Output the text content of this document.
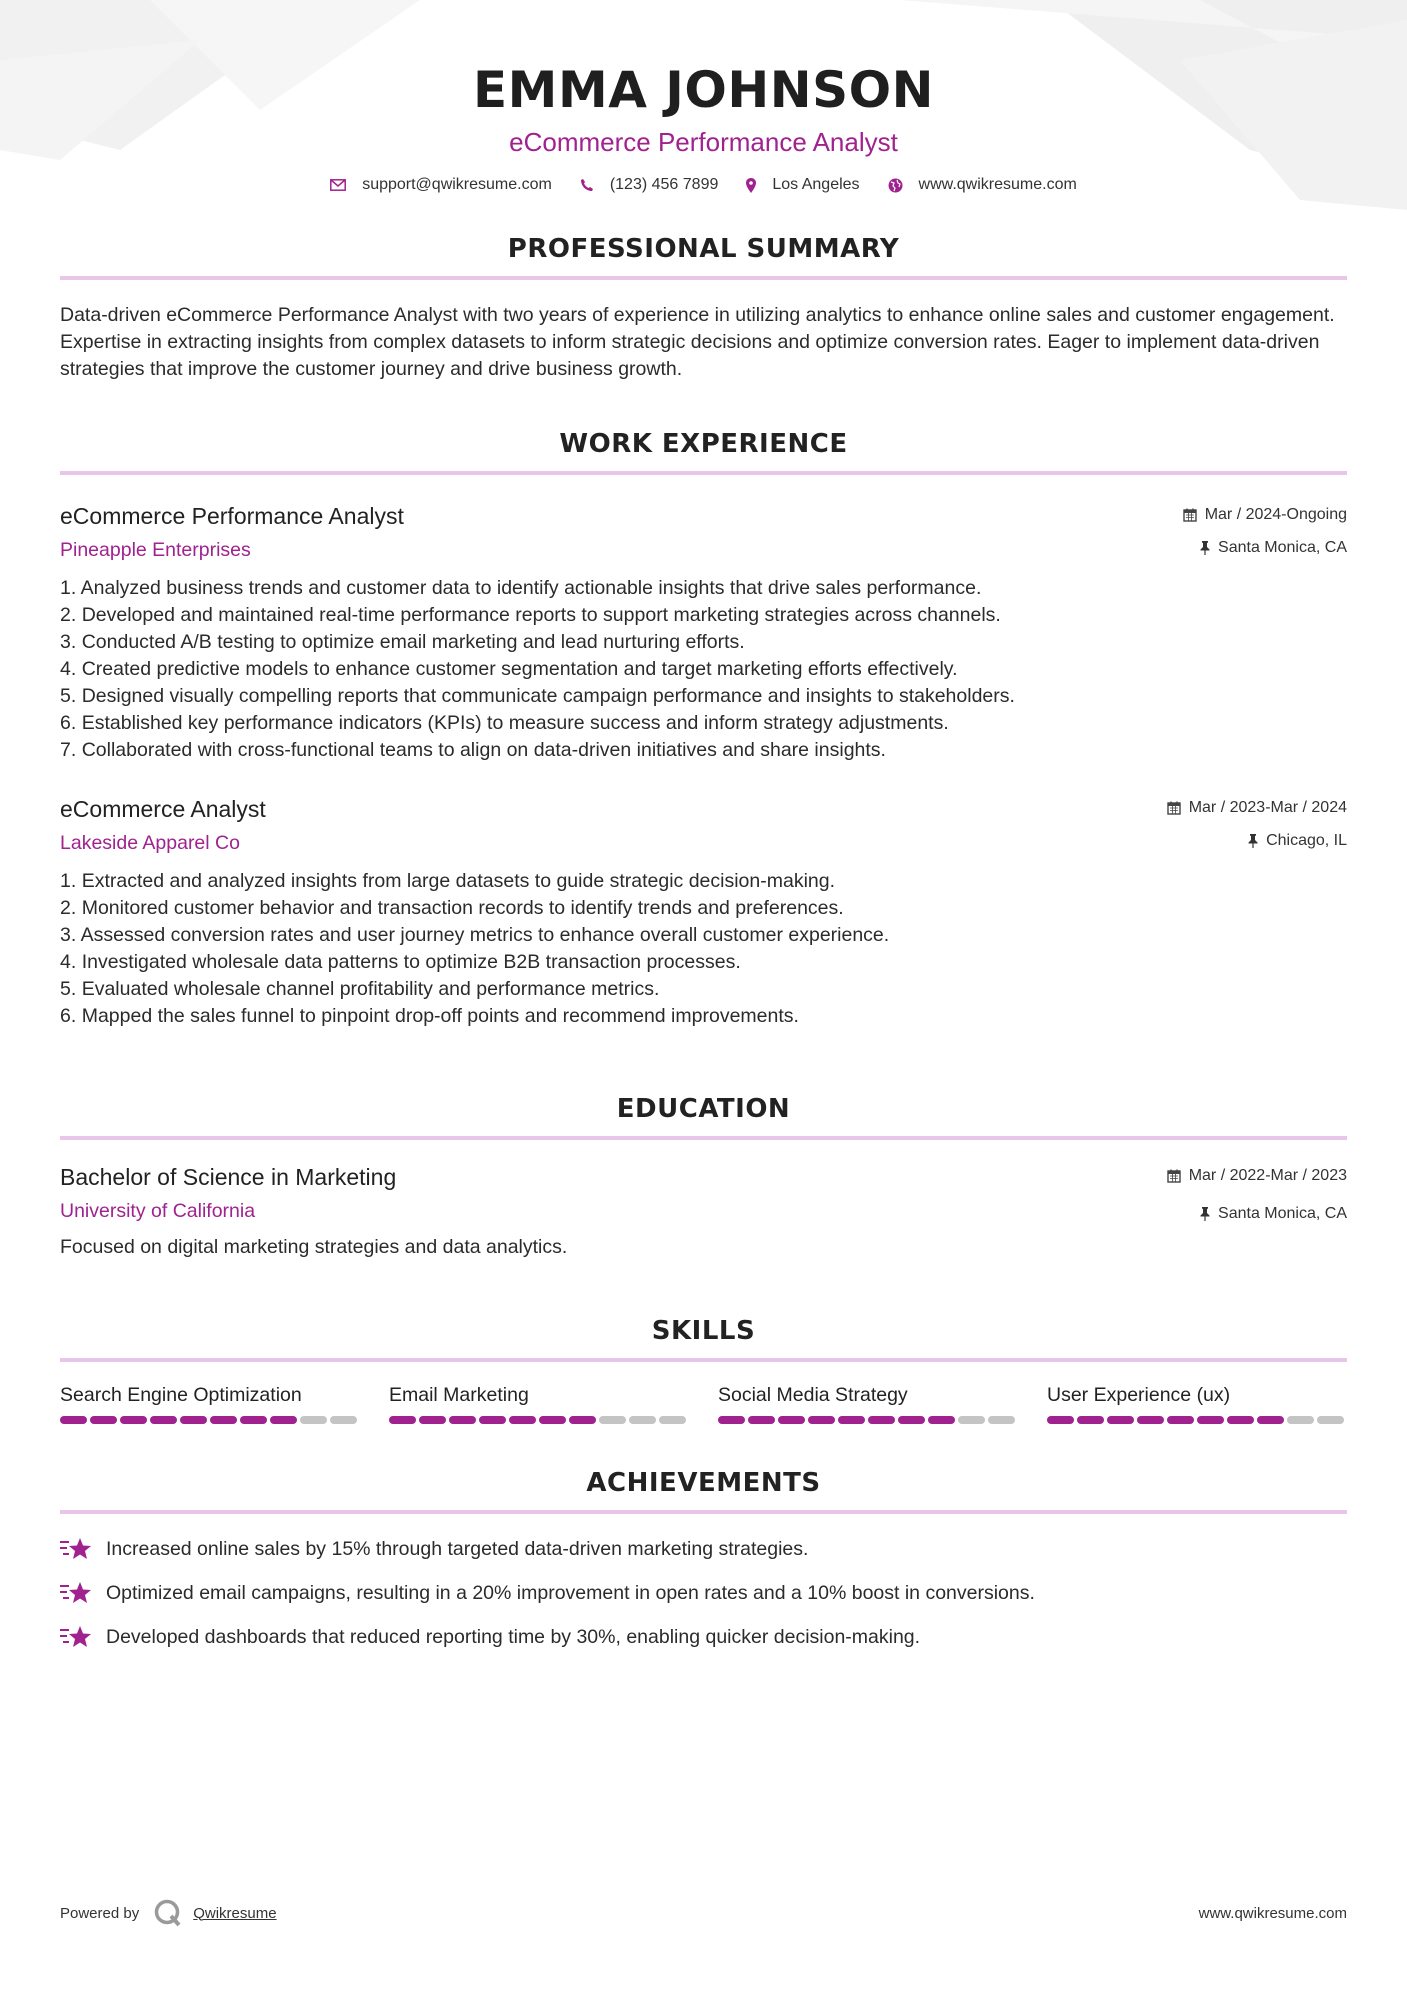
EMMA JOHNSON
eCommerce Performance Analyst
support@qwikresume.com	(123) 456 7899	Los Angeles	www.qwikresume.com
PROFESSIONAL SUMMARY

Data-driven eCommerce Performance Analyst with two years of experience in utilizing analytics to enhance online sales and customer engagement. Expertise in extracting insights from complex datasets to inform strategic decisions and optimize conversion rates. Eager to implement data-driven strategies that improve the customer journey and drive business growth.

WORK EXPERIENCE
eCommerce Performance Analyst
Pineapple Enterprises
Mar / 2024-Ongoing
Santa Monica, CA
Analyzed business trends and customer data to identify actionable insights that drive sales performance.
Developed and maintained real-time performance reports to support marketing strategies across channels.
Conducted A/B testing to optimize email marketing and lead nurturing efforts.
Created predictive models to enhance customer segmentation and target marketing efforts effectively.
Designed visually compelling reports that communicate campaign performance and insights to stakeholders.
Established key performance indicators (KPIs) to measure success and inform strategy adjustments.
Collaborated with cross-functional teams to align on data-driven initiatives and share insights.
eCommerce Analyst
Lakeside Apparel Co
Mar / 2023-Mar / 2024
Chicago, IL
Extracted and analyzed insights from large datasets to guide strategic decision-making.
Monitored customer behavior and transaction records to identify trends and preferences.
Assessed conversion rates and user journey metrics to enhance overall customer experience.
Investigated wholesale data patterns to optimize B2B transaction processes.
Evaluated wholesale channel profitability and performance metrics.
Mapped the sales funnel to pinpoint drop-off points and recommend improvements.
EDUCATION
Bachelor of Science in Marketing
University of California
Mar / 2022-Mar / 2023
Santa Monica, CA
Focused on digital marketing strategies and data analytics.
SKILLS
Search Engine Optimization	Email Marketing	Social Media Strategy	User Experience (ux)
ACHIEVEMENTS
Increased online sales by 15% through targeted data-driven marketing strategies.
Optimized email campaigns, resulting in a 20% improvement in open rates and a 10% boost in conversions.
Developed dashboards that reduced reporting time by 30%, enabling quicker decision-making.
Powered by	Qwikresume	www.qwikresume.com
